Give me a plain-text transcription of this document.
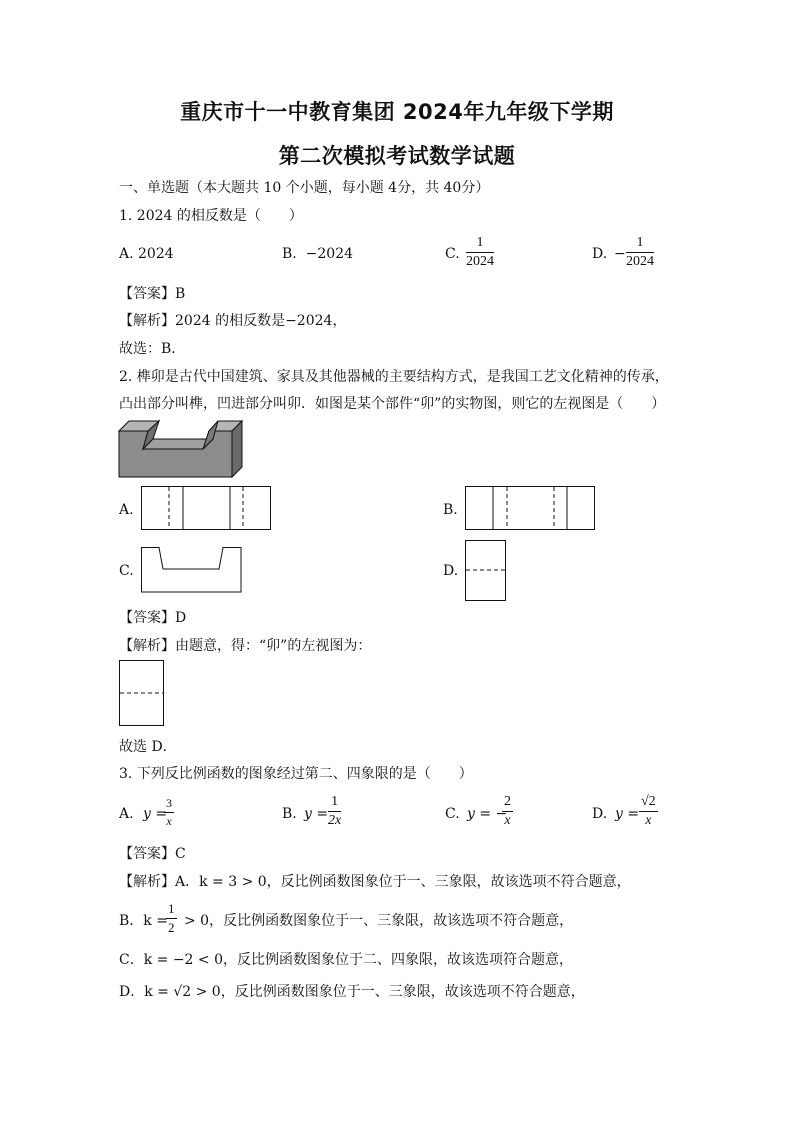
重庆市十一中教育集团 2024年九年级下学期
第二次模拟考试数学试题
一、单选题（本大题共 10 个小题，每小题 4分，共 40分）
1. 2024 的相反数是（　　）
A. 2024	B. −2024	C. $\frac{1}{2024}$	D. − $\frac{1}{2024}$
【答案】B
【解析】2024 的相反数是−2024，
故选：B．
2. 榫卯是古代中国建筑、家具及其他器械的主要结构方式，是我国工艺文化精神的传承，
凸出部分叫榫，凹进部分叫卯．如图是某个部件“卯”的实物图，则它的左视图是（　　）
A.	B.
C.	D.
【答案】D
【解析】由题意，得：“卯”的左视图为：
故选 D．
3. 下列反比例函数的图象经过第二、四象限的是（　　）
A. y =
$\frac{3}{x}$	B. $y = \frac{1}{2x}$	C. y = −
$\frac{2}{x}$	D. $y = \frac{√2}{x}$
【答案】C
【解析】A．k = 3 > 0，反比例函数图象位于一、三象限，故该选项不符合题意，
B．k =
$\frac{1}{2} > 0$，反比例函数图象位于一、三象限，故该选项不符合题意，
C．k = −2 < 0，反比例函数图象位于二、四象限，故该选项符合题意，
D．k = √2 > 0，反比例函数图象位于一、三象限，故该选项不符合题意，
